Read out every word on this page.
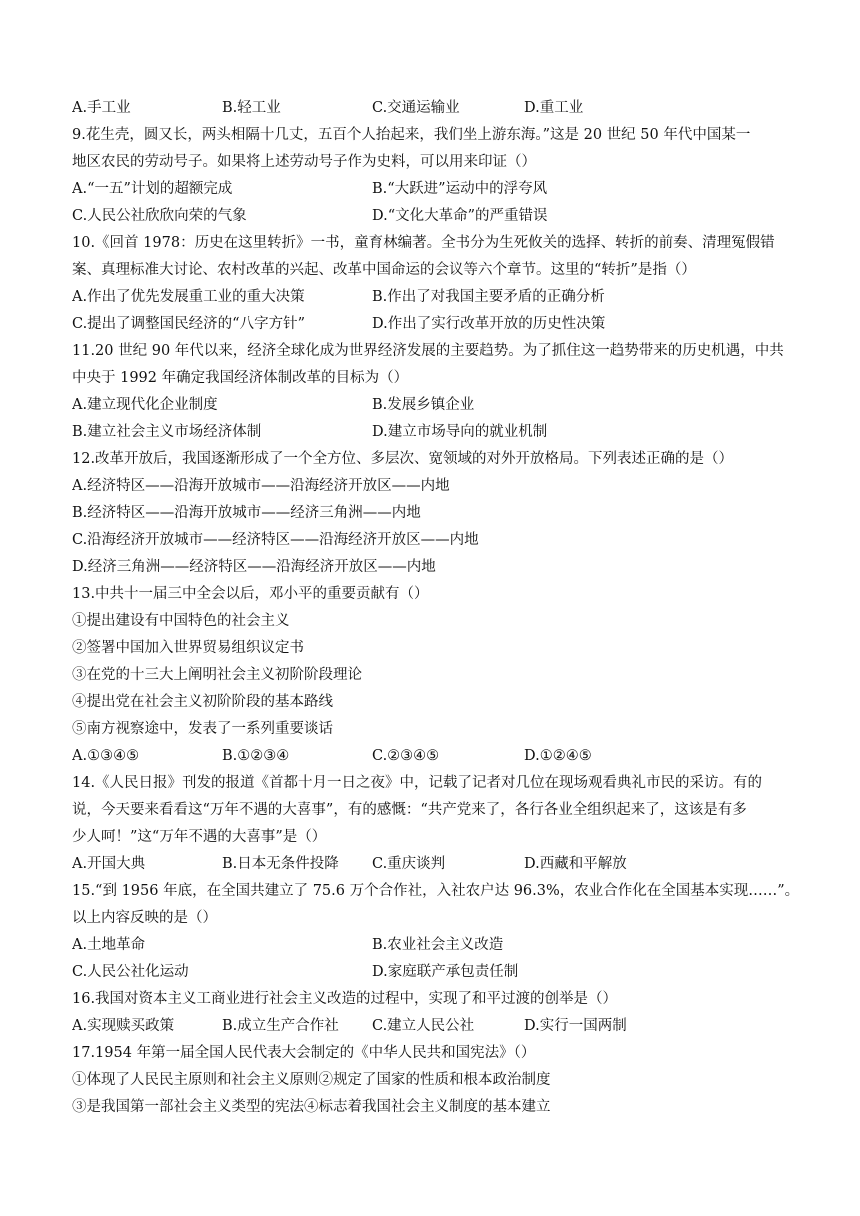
A.手工业	B.轻工业	C.交通运输业	D.重工业
9.花生壳，圆又长，两头相隔十几丈，五百个人抬起来，我们坐上游东海。”这是 20 世纪 50 年代中国某一
地区农民的劳动号子。如果将上述劳动号子作为史料，可以用来印证（）
A.“一五”计划的超额完成	B.“大跃进”运动中的浮夸风
C.人民公社欣欣向荣的气象	D.“文化大革命”的严重错误
10.《回首 1978：历史在这里转折》一书，童育林编著。全书分为生死攸关的选择、转折的前奏、清理冤假错
案、真理标准大讨论、农村改革的兴起、改革中国命运的会议等六个章节。这里的“转折”是指（）
A.作出了优先发展重工业的重大决策	B.作出了对我国主要矛盾的正确分析
C.提出了调整国民经济的“八字方针”	D.作出了实行改革开放的历史性决策
11.20 世纪 90 年代以来，经济全球化成为世界经济发展的主要趋势。为了抓住这一趋势带来的历史机遇，中共
中央于 1992 年确定我国经济体制改革的目标为（）
A.建立现代化企业制度	B.发展乡镇企业
B.建立社会主义市场经济体制	D.建立市场导向的就业机制
12.改革开放后，我国逐渐形成了一个全方位、多层次、宽领域的对外开放格局。下列表述正确的是（）
A.经济特区——沿海开放城市——沿海经济开放区——内地
B.经济特区——沿海开放城市——经济三角洲——内地
C.沿海经济开放城市——经济特区——沿海经济开放区——内地
D.经济三角洲——经济特区——沿海经济开放区——内地
13.中共十一届三中全会以后，邓小平的重要贡献有（）
①提出建设有中国特色的社会主义
②签署中国加入世界贸易组织议定书
③在党的十三大上阐明社会主义初阶阶段理论
④提出党在社会主义初阶阶段的基本路线
⑤南方视察途中，发表了一系列重要谈话
A.①③④⑤	B.①②③④	C.②③④⑤	D.①②④⑤
14.《人民日报》刊发的报道《首都十月一日之夜》中，记载了记者对几位在现场观看典礼市民的采访。有的
说，今天要来看看这“万年不遇的大喜事”，有的感慨：“共产党来了，各行各业全组织起来了，这该是有多
少人呵！”这“万年不遇的大喜事”是（）
A.开国大典	B.日本无条件投降 C.重庆谈判	D.西藏和平解放
15.“到 1956 年底，在全国共建立了 75.6 万个合作社，入社农户达 96.3%，农业合作化在全国基本实现……”。
以上内容反映的是（）
A.土地革命	B.农业社会主义改造
C.人民公社化运动	D.家庭联产承包责任制
16.我国对资本主义工商业进行社会主义改造的过程中，实现了和平过渡的创举是（）
A.实现赎买政策	B.成立生产合作社 C.建立人民公社	D.实行一国两制
17.1954 年第一届全国人民代表大会制定的《中华人民共和国宪法》（）
①体现了人民民主原则和社会主义原则②规定了国家的性质和根本政治制度
③是我国第一部社会主义类型的宪法④标志着我国社会主义制度的基本建立
